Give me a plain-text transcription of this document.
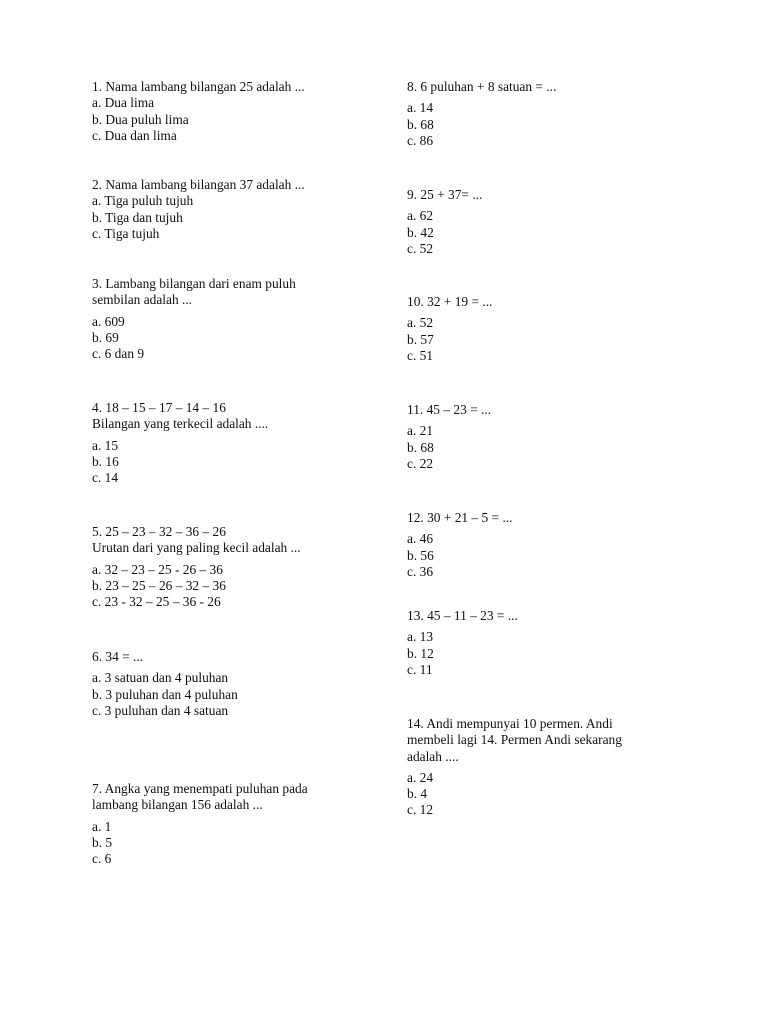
1. Nama lambang bilangan 25 adalah ...
a. Dua lima
b. Dua puluh lima
c. Dua dan lima
2. Nama lambang bilangan 37 adalah ...
a. Tiga puluh tujuh
b. Tiga dan tujuh
c. Tiga tujuh
3. Lambang bilangan dari enam puluh
sembilan adalah ...
a. 609
b. 69
c. 6 dan 9
4. 18 – 15 – 17 – 14 – 16
Bilangan yang terkecil adalah ....
a. 15
b. 16
c. 14
5. 25 – 23 – 32 – 36 – 26
Urutan dari yang paling kecil adalah ...
a. 32 – 23 – 25 - 26 – 36
b. 23 – 25 – 26 – 32 – 36
c. 23 - 32 – 25 – 36 - 26
6. 34 = ...
a. 3 satuan dan 4 puluhan
b. 3 puluhan dan 4 puluhan
c. 3 puluhan dan 4 satuan
7. Angka yang menempati puluhan pada
lambang bilangan 156 adalah ...
a. 1
b. 5
c. 6
8. 6 puluhan + 8 satuan = ...
a. 14
b. 68
c. 86
9. 25 + 37= ...
a. 62
b. 42
c. 52
10. 32 + 19 = ...
a. 52
b. 57
c. 51
11. 45 – 23 = ...
a. 21
b. 68
c. 22
12. 30 + 21 – 5 = ...
a. 46
b. 56
c. 36
13. 45 – 11 – 23 = ...
a. 13
b. 12
c. 11
14. Andi mempunyai 10 permen. Andi
membeli lagi 14. Permen Andi sekarang
adalah ....
a. 24
b. 4
c. 12
